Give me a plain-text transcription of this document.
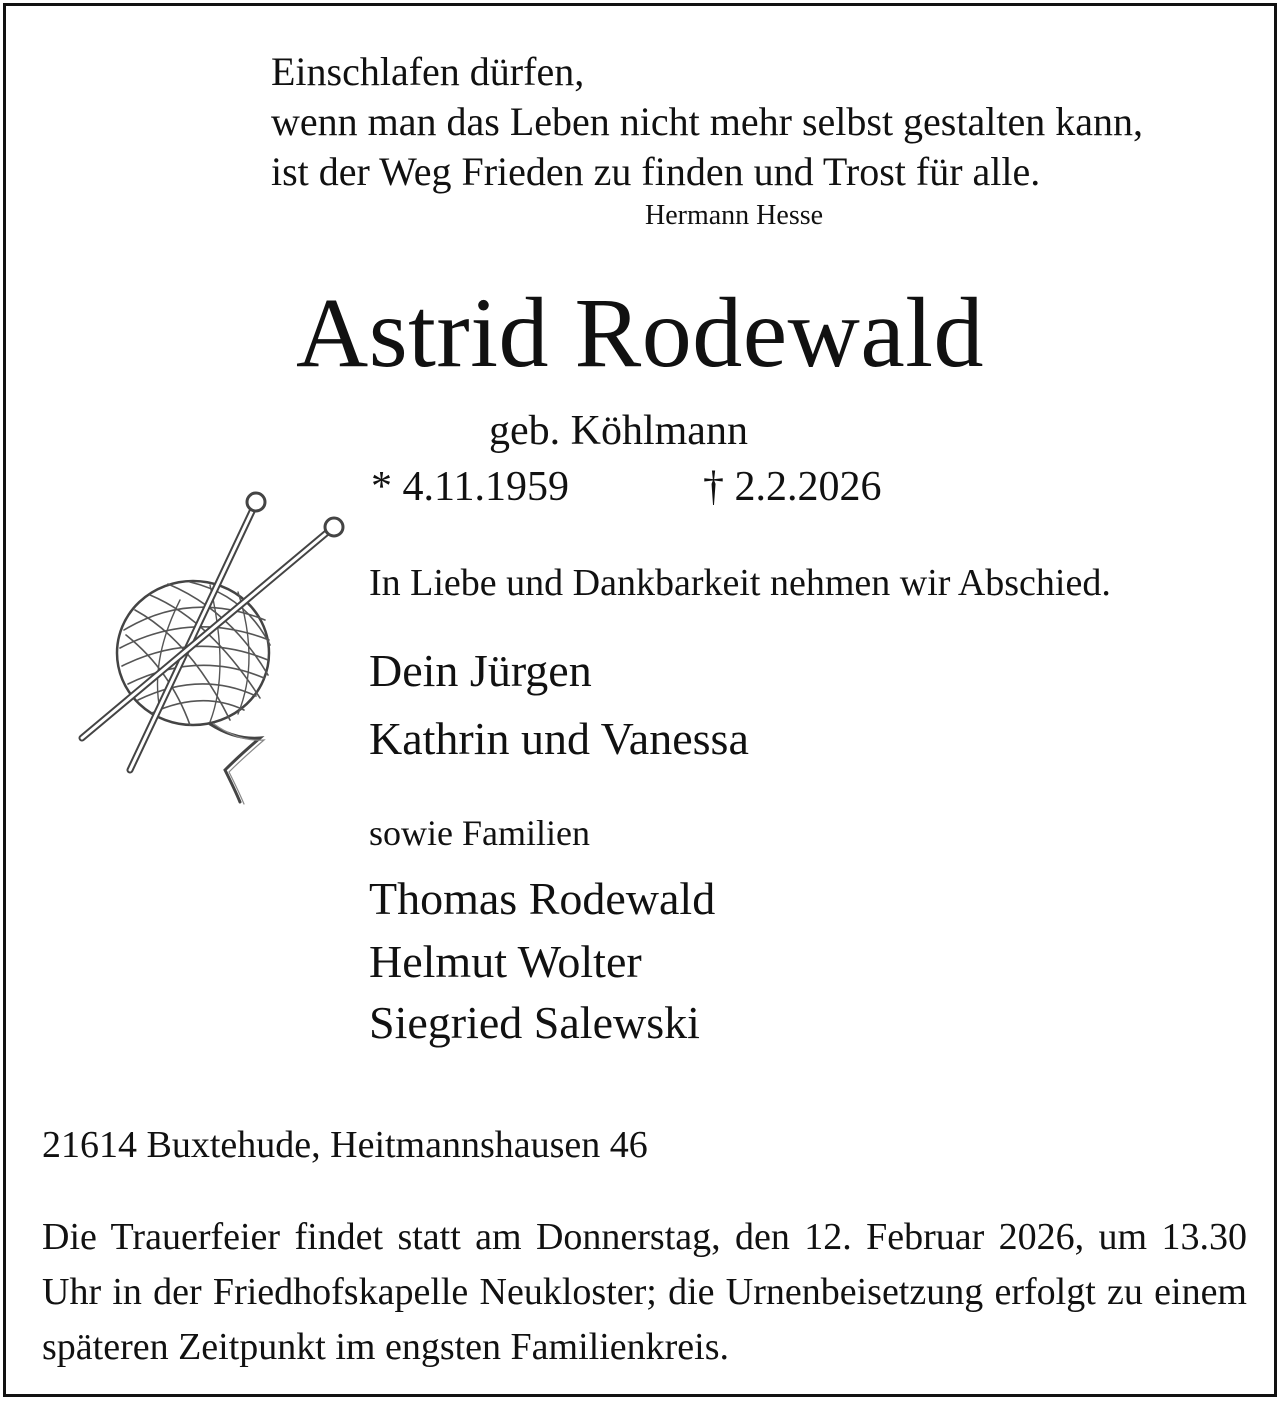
Einschlafen dürfen,
wenn man das Leben nicht mehr selbst gestalten kann,
ist der Weg Frieden zu finden und Trost für alle.
Hermann Hesse
Astrid Rodewald
geb. Köhlmann
* 4.11.1959	† 2.2.2026
In Liebe und Dankbarkeit nehmen wir Abschied.
Dein Jürgen
Kathrin und Vanessa
sowie Familien
Thomas Rodewald
Helmut Wolter
Siegried Salewski
21614 Buxtehude, Heitmannshausen 46
Die Trauerfeier findet statt am Donnerstag, den 12. Februar 2026, um 13.30 Uhr in der Friedhofskapelle Neukloster; die Urnenbeisetzung erfolgt zu einem späteren Zeitpunkt im engsten Familienkreis.
